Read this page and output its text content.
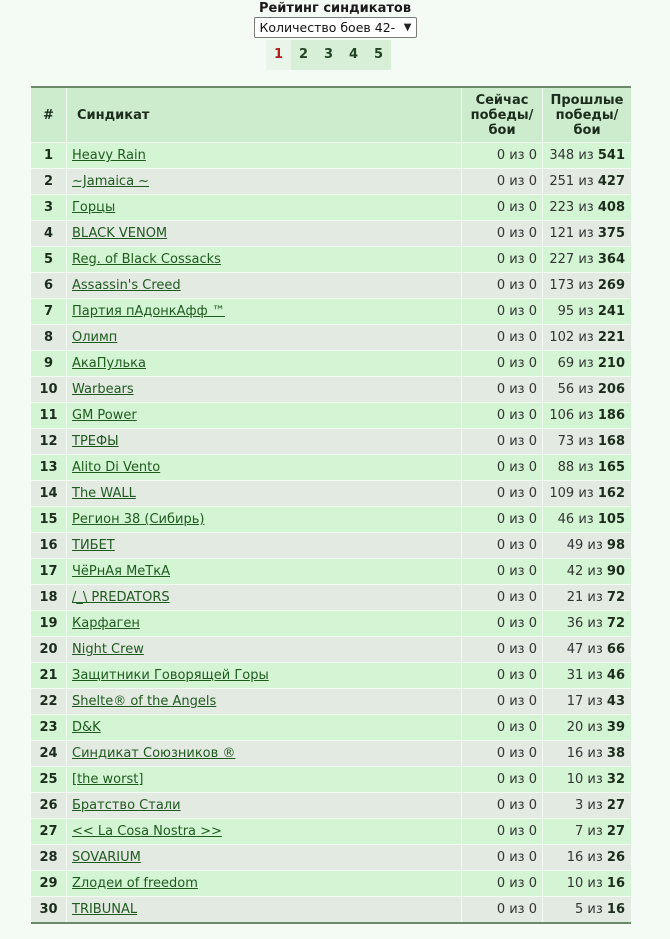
Рейтинг синдикатов
Количество боев 42- ▼
1	2	3	4	5
#	Синдикат	Сейчас
победы/
бои	Прошлые
победы/
бои
1	Heavy Rain	0 из 0	348 из 541
2	~Jamaica ~	0 из 0	251 из 427
3	Горцы	0 из 0	223 из 408
4	BLACK VENOM	0 из 0	121 из 375
5	Reg. of Black Cossacks	0 из 0	227 из 364
6	Assassin's Creed	0 из 0	173 из 269
7	Партия пАдонкАфф ™	0 из 0	95 из 241
8	Олимп	0 из 0	102 из 221
9	АкаПулька	0 из 0	69 из 210
10	Warbears	0 из 0	56 из 206
11	GM Power	0 из 0	106 из 186
12	ТРЕФЫ	0 из 0	73 из 168
13	Alito Di Vento	0 из 0	88 из 165
14	The WALL	0 из 0	109 из 162
15	Регион 38 (Сибирь)	0 из 0	46 из 105
16	ТИБЕТ	0 из 0	49 из 98
17	ЧёРнАя МеТкА	0 из 0	42 из 90
18	/_\ PREDATORS	0 из 0	21 из 72
19	Карфаген	0 из 0	36 из 72
20	Night Crew	0 из 0	47 из 66
21	Защитники Говорящей Горы	0 из 0	31 из 46
22	Shelte® of the Angels	0 из 0	17 из 43
23	D&K	0 из 0	20 из 39
24	Синдикат Союзников ®	0 из 0	16 из 38
25	[the worst]	0 из 0	10 из 32
26	Братство Стали	0 из 0	3 из 27
27	<< La Cosa Nostra >>	0 из 0	7 из 27
28	SOVARIUM	0 из 0	16 из 26
29	Zлодеи of freedom	0 из 0	10 из 16
30	TRIBUNAL	0 из 0	5 из 16
